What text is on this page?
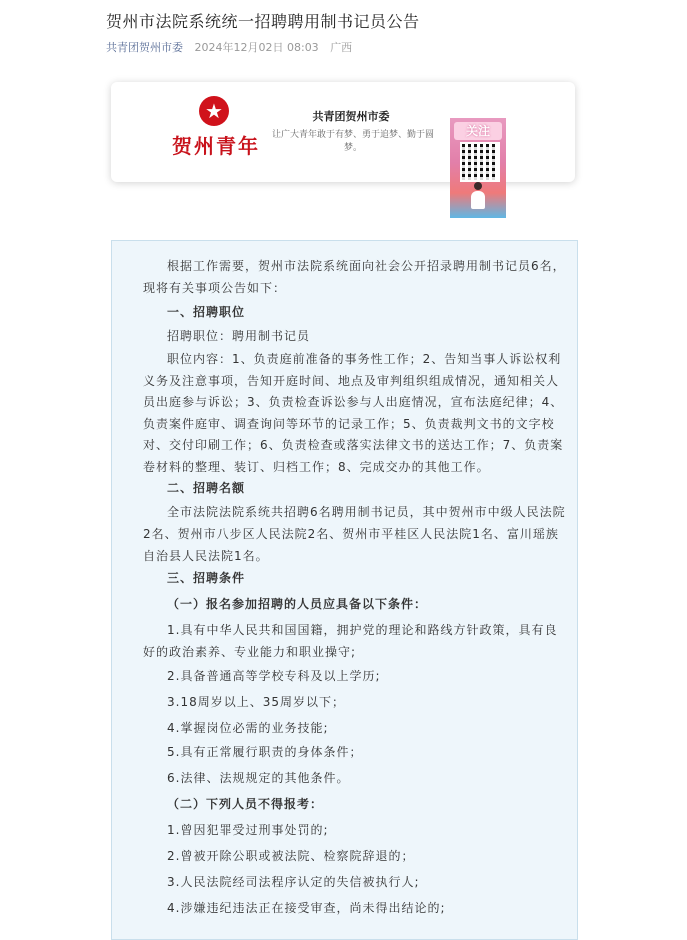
贺州市法院系统统一招聘聘用制书记员公告
共青团贺州市委 2024年12月02日 08:03 广西
★
贺州青年
共青团贺州市委
让广大青年敢于有梦、勇于追梦、勤于圆梦。
关注
根据工作需要，贺州市法院系统面向社会公开招录聘用制书记员6名，现将有关事项公告如下：
一、招聘职位
招聘职位：聘用制书记员
职位内容：1、负责庭前准备的事务性工作；2、告知当事人诉讼权利义务及注意事项，告知开庭时间、地点及审判组织组成情况，通知相关人员出庭参与诉讼；3、负责检查诉讼参与人出庭情况，宣布法庭纪律；4、负责案件庭审、调查询问等环节的记录工作；5、负责裁判文书的文字校对、交付印刷工作；6、负责检查或落实法律文书的送达工作；7、负责案卷材料的整理、装订、归档工作；8、完成交办的其他工作。
二、招聘名额
全市法院法院系统共招聘6名聘用制书记员，其中贺州市中级人民法院2名、贺州市八步区人民法院2名、贺州市平桂区人民法院1名、富川瑶族自治县人民法院1名。
三、招聘条件
（一）报名参加招聘的人员应具备以下条件：
1.具有中华人民共和国国籍，拥护党的理论和路线方针政策，具有良好的政治素养、专业能力和职业操守;
2.具备普通高等学校专科及以上学历;
3.18周岁以上、35周岁以下；
4.掌握岗位必需的业务技能;
5.具有正常履行职责的身体条件；
6.法律、法规规定的其他条件。
（二）下列人员不得报考：
1.曾因犯罪受过刑事处罚的;
2.曾被开除公职或被法院、检察院辞退的；
3.人民法院经司法程序认定的失信被执行人;
4.涉嫌违纪违法正在接受审查，尚未得出结论的;
